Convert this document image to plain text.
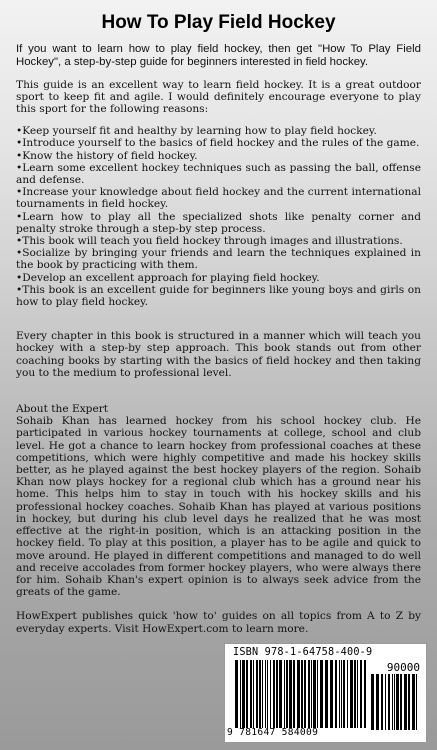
How To Play Field Hockey

If you want to learn how to play field hockey, then get "How To Play Field Hockey", a step-by-step guide for beginners interested in field hockey.

This guide is an excellent way to learn field hockey. It is a great outdoor sport to keep fit and agile. I would definitely encourage everyone to play this sport for the following reasons:

• Keep yourself fit and healthy by learning how to play field hockey.
• Introduce yourself to the basics of field hockey and the rules of the game.
• Know the history of field hockey.
• Learn some excellent hockey techniques such as passing the ball, offense and defense.
• Increase your knowledge about field hockey and the current international tournaments in field hockey.
• Learn how to play all the specialized shots like penalty corner and penalty stroke through a step-by step process.
• This book will teach you field hockey through images and illustrations.
• Socialize by bringing your friends and learn the techniques explained in the book by practicing with them.
• Develop an excellent approach for playing field hockey.
• This book is an excellent guide for beginners like young boys and girls on how to play field hockey.

Every chapter in this book is structured in a manner which will teach you hockey with a step-by step approach. This book stands out from other coaching books by starting with the basics of field hockey and then taking you to the medium to professional level.

About the Expert

Sohaib Khan has learned hockey from his school hockey club. He participated in various hockey tournaments at college, school and club level. He got a chance to learn hockey from professional coaches at these competitions, which were highly competitive and made his hockey skills better, as he played against the best hockey players of the region. Sohaib Khan now plays hockey for a regional club which has a ground near his home. This helps him to stay in touch with his hockey skills and his professional hockey coaches. Sohaib Khan has played at various positions in hockey, but during his club level days he realized that he was most effective at the right-in position, which is an attacking position in the hockey field. To play at this position, a player has to be agile and quick to move around. He played in different competitions and managed to do well and receive accolades from former hockey players, who were always there for him. Sohaib Khan's expert opinion is to always seek advice from the greats of the game.

HowExpert publishes quick 'how to' guides on all topics from A to Z by everyday experts. Visit HowExpert.com to learn more.

ISBN 978-1-64758-400-9
90000
9 781647 584009
